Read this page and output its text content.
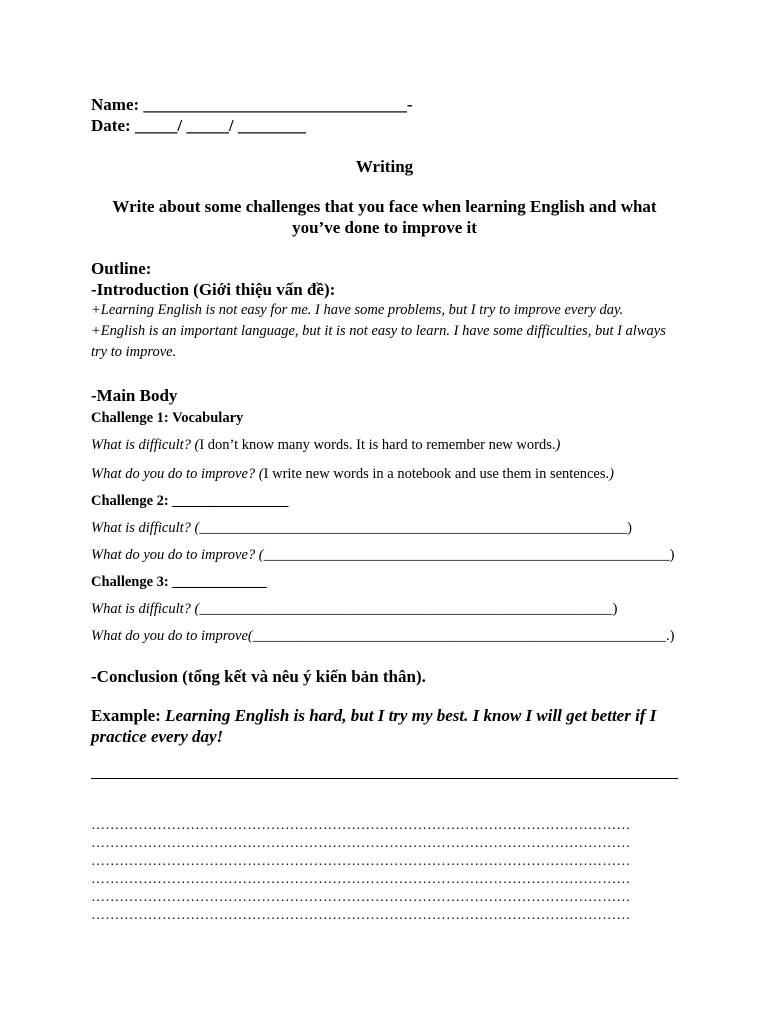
Name: _______________________________-

Date: _____/ _____/ ________

Writing

Write about some challenges that you face when learning English and what you’ve done to improve it

Outline:

-Introduction (Giới thiệu vấn đề):

+Learning English is not easy for me. I have some problems, but I try to improve every day.

+English is an important language, but it is not easy to learn. I have some difficulties, but I always try to improve.

-Main Body

Challenge 1: Vocabulary

What is difficult? (I don’t know many words. It is hard to remember new words.)

What do you do to improve? (I write new words in a notebook and use them in sentences.)

Challenge 2: ________________

What is difficult? (___________________________________________________________)

What do you do to improve? (________________________________________________________)

Challenge 3: _____________

What is difficult? (_________________________________________________________)

What do you do to improve(_________________________________________________________.)

-Conclusion (tổng kết và nêu ý kiến bản thân).

Example: Learning English is hard, but I try my best. I know I will get better if I practice every day!

……………………………………………………………………………………………………

……………………………………………………………………………………………………

……………………………………………………………………………………………………

……………………………………………………………………………………………………

……………………………………………………………………………………………………

……………………………………………………………………………………………………
